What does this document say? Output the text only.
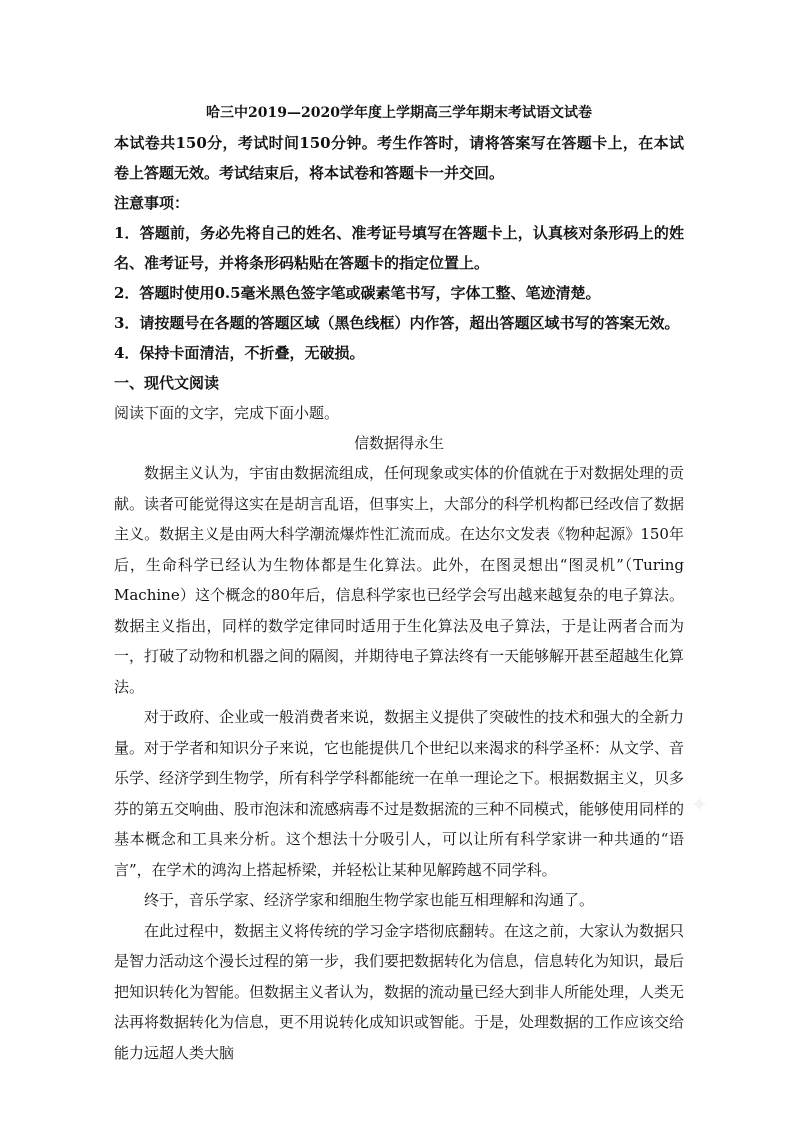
哈三中2019—2020学年度上学期高三学年期末考试语文试卷

本试卷共150分，考试时间150分钟。考生作答时，请将答案写在答题卡上，在本试卷上答题无效。考试结束后，将本试卷和答题卡一并交回。

注意事项：

1．答题前，务必先将自己的姓名、准考证号填写在答题卡上，认真核对条形码上的姓名、准考证号，并将条形码粘贴在答题卡的指定位置上。

2．答题时使用0.5毫米黑色签字笔或碳素笔书写，字体工整、笔迹清楚。

3．请按题号在各题的答题区域（黑色线框）内作答，超出答题区域书写的答案无效。

4．保持卡面清洁，不折叠，无破损。

一、现代文阅读

阅读下面的文字，完成下面小题。

信数据得永生

数据主义认为，宇宙由数据流组成，任何现象或实体的价值就在于对数据处理的贡献。读者可能觉得这实在是胡言乱语，但事实上，大部分的科学机构都已经改信了数据主义。数据主义是由两大科学潮流爆炸性汇流而成。在达尔文发表《物种起源》150年后，生命科学已经认为生物体都是生化算法。此外，在图灵想出“图灵机”（Turing Machine）这个概念的80年后，信息科学家也已经学会写出越来越复杂的电子算法。数据主义指出，同样的数学定律同时适用于生化算法及电子算法，于是让两者合而为一，打破了动物和机器之间的隔阂，并期待电子算法终有一天能够解开甚至超越生化算法。

对于政府、企业或一般消费者来说，数据主义提供了突破性的技术和强大的全新力量。对于学者和知识分子来说，它也能提供几个世纪以来渴求的科学圣杯：从文学、音乐学、经济学到生物学，所有科学学科都能统一在单一理论之下。根据数据主义，贝多芬的第五交响曲、股市泡沫和流感病毒不过是数据流的三种不同模式，能够使用同样的基本概念和工具来分析。这个想法十分吸引人，可以让所有科学家讲一种共通的“语言”，在学术的鸿沟上搭起桥梁，并轻松让某种见解跨越不同学科。

终于，音乐学家、经济学家和细胞生物学家也能互相理解和沟通了。

在此过程中，数据主义将传统的学习金字塔彻底翻转。在这之前，大家认为数据只是智力活动这个漫长过程的第一步，我们要把数据转化为信息，信息转化为知识，最后把知识转化为智能。但数据主义者认为，数据的流动量已经大到非人所能处理，人类无法再将数据转化为信息，更不用说转化成知识或智能。于是，处理数据的工作应该交给能力远超人类大脑

✦
